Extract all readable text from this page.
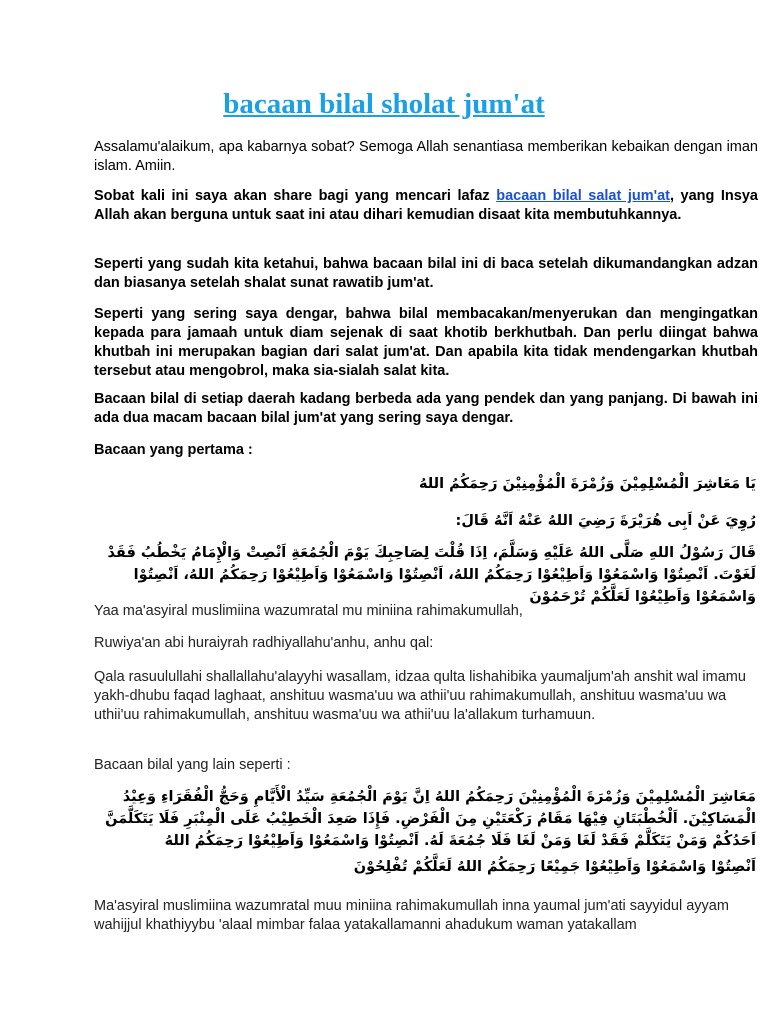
bacaan bilal sholat jum'at

Assalamu'alaikum, apa kabarnya sobat? Semoga Allah senantiasa memberikan kebaikan dengan iman islam. Amiin.

Sobat kali ini saya akan share bagi yang mencari lafaz bacaan bilal salat jum'at, yang Insya Allah akan berguna untuk saat ini atau dihari kemudian disaat kita membutuhkannya.

Seperti yang sudah kita ketahui, bahwa bacaan bilal ini di baca setelah dikumandangkan adzan dan biasanya setelah shalat sunat rawatib jum'at.

Seperti yang sering saya dengar, bahwa bilal membacakan/menyerukan dan mengingatkan kepada para jamaah untuk diam sejenak di saat khotib berkhutbah. Dan perlu diingat bahwa khutbah ini merupakan bagian dari salat jum'at. Dan apabila kita tidak mendengarkan khutbah tersebut atau mengobrol, maka sia-sialah salat kita.

Bacaan bilal di setiap daerah kadang berbeda ada yang pendek dan yang panjang. Di bawah ini ada dua macam bacaan bilal jum'at yang sering saya dengar.

Bacaan yang pertama :

يَا مَعَاشِرَ الْمُسْلِمِيْنَ وَزُمْرَةَ الْمُؤْمِنِيْنَ رَحِمَكُمُ اللهُ

رُوِيَ عَنْ اَبِى هُرَيْرَةَ رَضِيَ اللهُ عَنْهُ اَنَّهُ قَالَ:

قَالَ رَسُوْلُ اللهِ صَلَّى اللهُ عَلَيْهِ وَسَلَّمَ، اِذَا قُلْتَ لِصَاحِبِكَ يَوْمَ الْجُمُعَةِ اَنْصِتْ وَالْإِمَامُ يَخْطُبُ فَقَدْ لَغَوْتَ. اَنْصِتُوْا وَاسْمَعُوْا وَاَطِيْعُوْا رَحِمَكُمُ اللهُ، اَنْصِتُوْا وَاسْمَعُوْا وَاَطِيْعُوْا رَحِمَكُمُ اللهُ، اَنْصِتُوْا وَاسْمَعُوْا وَاَطِيْعُوْا لَعَلَّكُمْ تُرْحَمُوْنَ

Yaa ma'asyiral muslimiina wazumratal mu miniina rahimakumullah,

Ruwiya'an abi huraiyrah radhiyallahu'anhu, anhu qal:

Qala rasuulullahi shallallahu'alayyhi wasallam, idzaa qulta lishahibika yaumaljum'ah anshit wal imamu yakh-dhubu faqad laghaat, anshituu wasma'uu wa athii'uu rahimakumullah, anshituu wasma'uu wa uthii'uu rahimakumullah, anshituu wasma'uu wa athii'uu la'allakum turhamuun.

Bacaan bilal yang lain seperti :

مَعَاشِرَ الْمُسْلِمِيْنَ وَزُمْرَةَ الْمُؤْمِنِيْنَ رَحِمَكُمُ اللهُ اِنَّ يَوْمَ الْجُمُعَةِ سَيِّدُ الْأَيَّامِ وَحَجُّ الْفُقَرَاءِ وَعِيْدُ الْمَسَاكِيْنَ. اَلْخُطْبَتَانِ فِيْهَا مَقَامُ رَكْعَتَيْنِ مِنَ الْفَرْضِ. فَإِذَا صَعِدَ الْخَطِيْبُ عَلَى الْمِنْبَرِ فَلَا يَتَكَلَّمَنَّ اَحَدُكُمْ وَمَنْ يَتَكَلَّمْ فَقَدْ لَغَا وَمَنْ لَغَا فَلَا جُمُعَةَ لَهُ. اَنْصِتُوْا وَاسْمَعُوْا وَاَطِيْعُوْا رَحِمَكُمُ اللهُ

اَنْصِتُوْا وَاسْمَعُوْا وَاَطِيْعُوْا جَمِيْعًا رَحِمَكُمُ اللهُ لَعَلَّكُمْ تُفْلِحُوْنَ

Ma'asyiral muslimiina wazumratal muu miniina rahimakumullah inna yaumal jum'ati sayyidul ayyam wahijjul khathiyybu 'alaal mimbar falaa yatakallamanni ahadukum waman yatakallam
